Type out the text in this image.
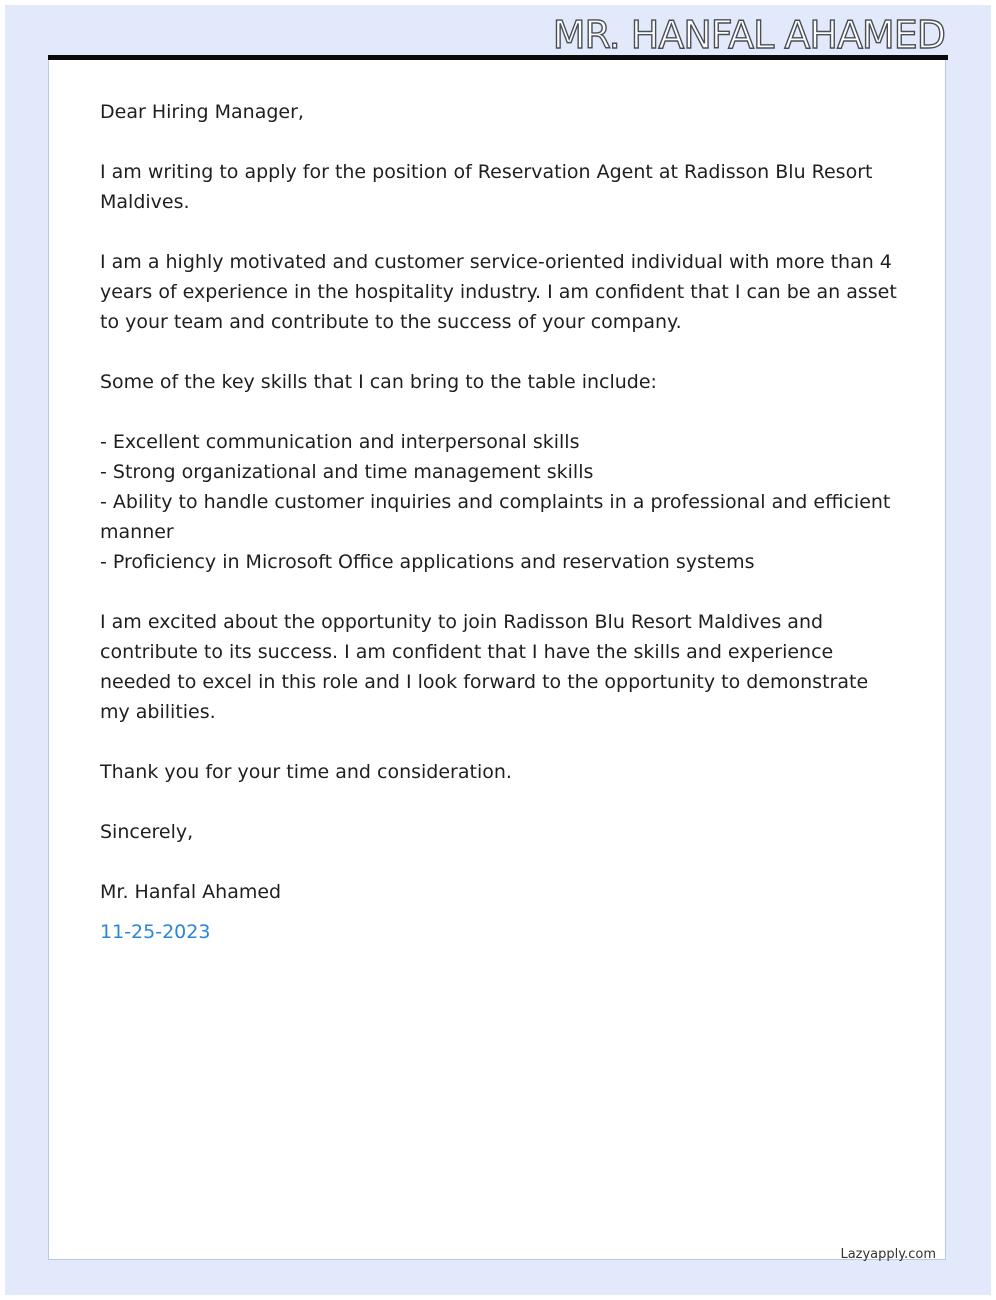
MR. HANFAL AHAMED

Dear Hiring Manager,

I am writing to apply for the position of Reservation Agent at Radisson Blu Resort Maldives.

I am a highly motivated and customer service-oriented individual with more than 4 years of experience in the hospitality industry. I am confident that I can be an asset to your team and contribute to the success of your company.

Some of the key skills that I can bring to the table include:

- Excellent communication and interpersonal skills
- Strong organizational and time management skills
- Ability to handle customer inquiries and complaints in a professional and efficient manner
- Proficiency in Microsoft Office applications and reservation systems

I am excited about the opportunity to join Radisson Blu Resort Maldives and contribute to its success. I am confident that I have the skills and experience needed to excel in this role and I look forward to the opportunity to demonstrate my abilities.

Thank you for your time and consideration.

Sincerely,

Mr. Hanfal Ahamed

11-25-2023

Lazyapply.com
